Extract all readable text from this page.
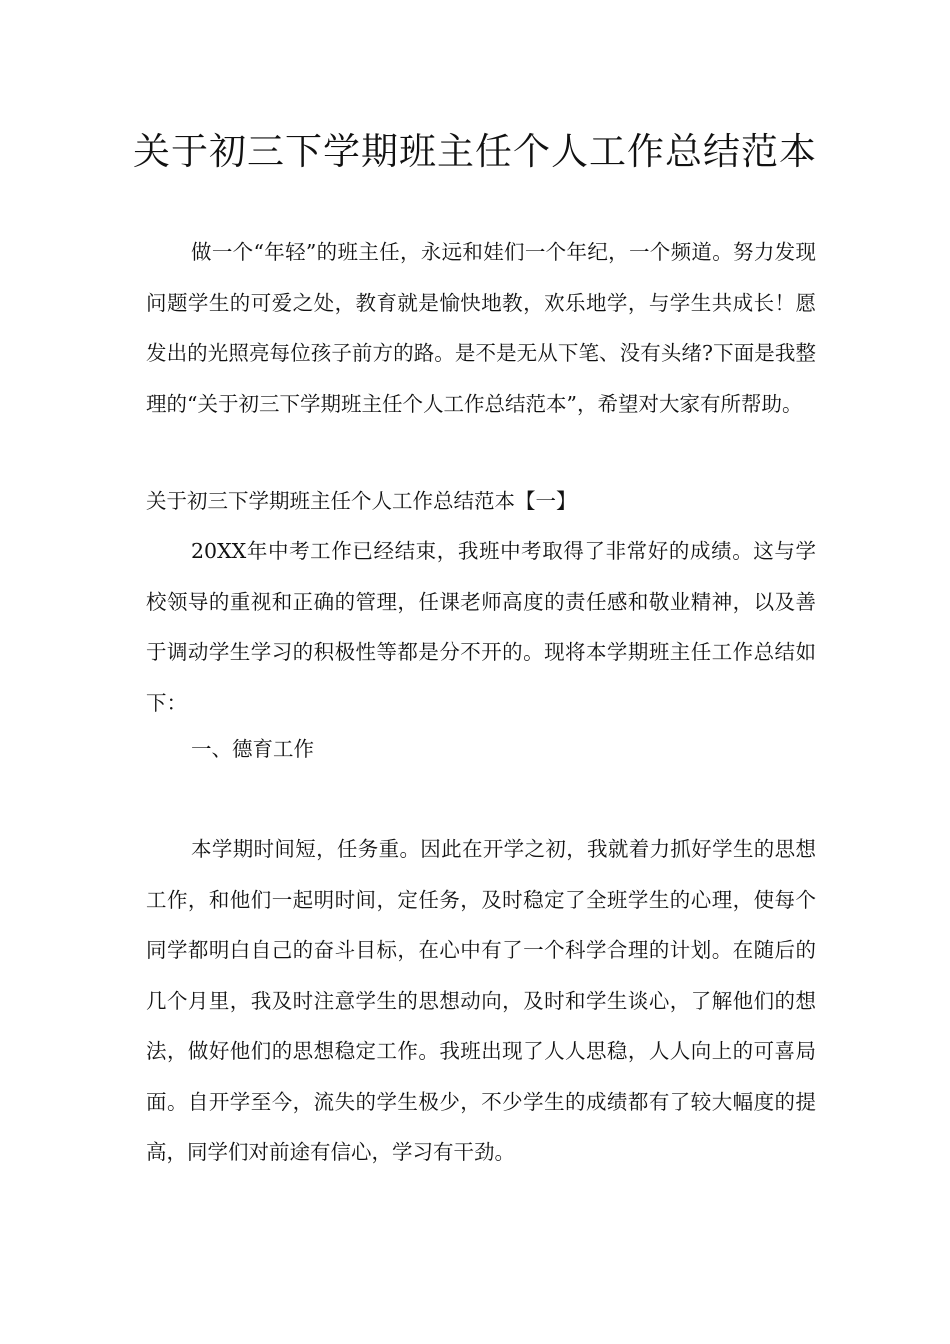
关于初三下学期班主任个人工作总结范本

做一个“年轻”的班主任，永远和娃们一个年纪，一个频道。努力发现问题学生的可爱之处，教育就是愉快地教，欢乐地学，与学生共成长！愿发出的光照亮每位孩子前方的路。是不是无从下笔、没有头绪?下面是我整理的“关于初三下学期班主任个人工作总结范本”，希望对大家有所帮助。

关于初三下学期班主任个人工作总结范本【一】

20XX年中考工作已经结束，我班中考取得了非常好的成绩。这与学校领导的重视和正确的管理，任课老师高度的责任感和敬业精神，以及善于调动学生学习的积极性等都是分不开的。现将本学期班主任工作总结如下：

一、德育工作

本学期时间短，任务重。因此在开学之初，我就着力抓好学生的思想工作，和他们一起明时间，定任务，及时稳定了全班学生的心理，使每个同学都明白自己的奋斗目标，在心中有了一个科学合理的计划。在随后的几个月里，我及时注意学生的思想动向，及时和学生谈心，了解他们的想法，做好他们的思想稳定工作。我班出现了人人思稳，人人向上的可喜局面。自开学至今，流失的学生极少，不少学生的成绩都有了较大幅度的提高，同学们对前途有信心，学习有干劲。
